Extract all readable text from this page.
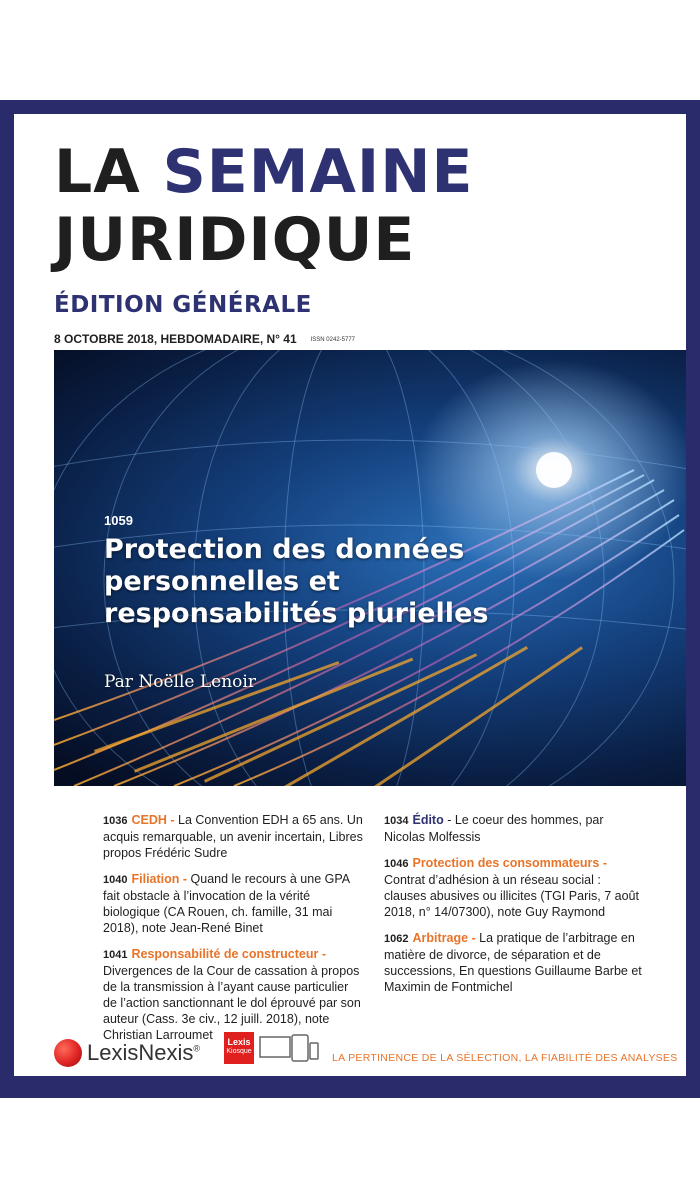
LA SEMAINE
JURIDIQUE
ÉDITION GÉNÉRALE
8 OCTOBRE 2018, HEBDOMADAIRE, N° 41 ISSN 0242-5777
1059
Protection des données personnelles et responsabilités plurielles
Par Noëlle Lenoir
1036 CEDH - La Convention EDH a 65 ans. Un acquis remarquable, un avenir incertain, Libres propos Frédéric Sudre
1040 Filiation - Quand le recours à une GPA fait obstacle à l’invocation de la vérité biologique (CA Rouen, ch. famille, 31 mai 2018), note Jean-René Binet
1041 Responsabilité de constructeur - Divergences de la Cour de cassation à propos de la transmission à l’ayant cause particulier de l’action sanctionnant le dol éprouvé par son auteur (Cass. 3e civ., 12 juill. 2018), note Christian Larroumet
1034 Édito - Le coeur des hommes, par Nicolas Molfessis
1046 Protection des consommateurs - Contrat d’adhésion à un réseau social : clauses abusives ou illicites (TGI Paris, 7 août 2018, n° 14/07300), note Guy Raymond
1062 Arbitrage - La pratique de l’arbitrage en matière de divorce, de séparation et de successions, En questions Guillaume Barbe et Maximin de Fontmichel
LexisNexis®
Lexis
Kiosque
LA PERTINENCE DE LA SÉLECTION, LA FIABILITÉ DES ANALYSES
